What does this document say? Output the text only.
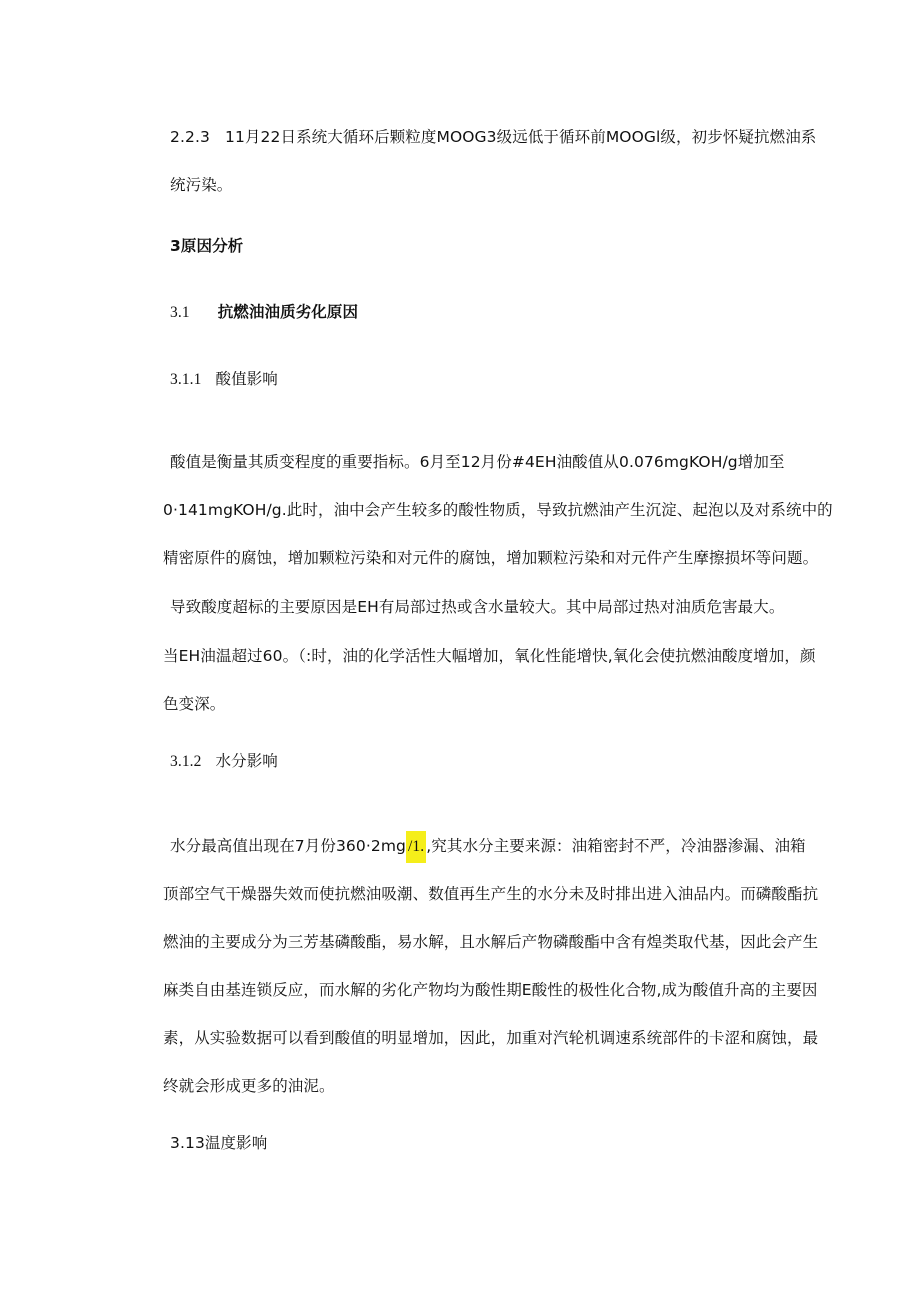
2.2.3   11月22日系统大循环后颗粒度MOOG3级远低于循环前MOOGl级，初步怀疑抗燃油系
统污染。
3原因分析
3.1 抗燃油油质劣化原因
3.1.1 酸值影响
酸值是衡量其质变程度的重要指标。6月至12月份#4EH油酸值从0.076mgKOH∕g增加至
0·141mgKOH∕g.此时，油中会产生较多的酸性物质，导致抗燃油产生沉淀、起泡以及对系统中的
精密原件的腐蚀，增加颗粒污染和对元件的腐蚀，增加颗粒污染和对元件产生摩擦损坏等问题。
导致酸度超标的主要原因是EH有局部过热或含水量较大。其中局部过热对油质危害最大。
当EH油温超过60。（:时，油的化学活性大幅增加，氧化性能增快,氧化会使抗燃油酸度增加，颜
色变深。
3.1.2 水分影响
水分最高值出现在7月份360·2mg /1. ,究其水分主要来源：油箱密封不严，冷油器渗漏、油箱
顶部空气干燥器失效而使抗燃油吸潮、数值再生产生的水分未及时排出进入油品内。而磷酸酯抗
燃油的主要成分为三芳基磷酸酯，易水解，且水解后产物磷酸酯中含有煌类取代基，因此会产生
麻类自由基连锁反应，而水解的劣化产物均为酸性期E酸性的极性化合物,成为酸值升高的主要因
素，从实验数据可以看到酸值的明显增加，因此，加重对汽轮机调速系统部件的卡涩和腐蚀，最
终就会形成更多的油泥。
3.13温度影响
